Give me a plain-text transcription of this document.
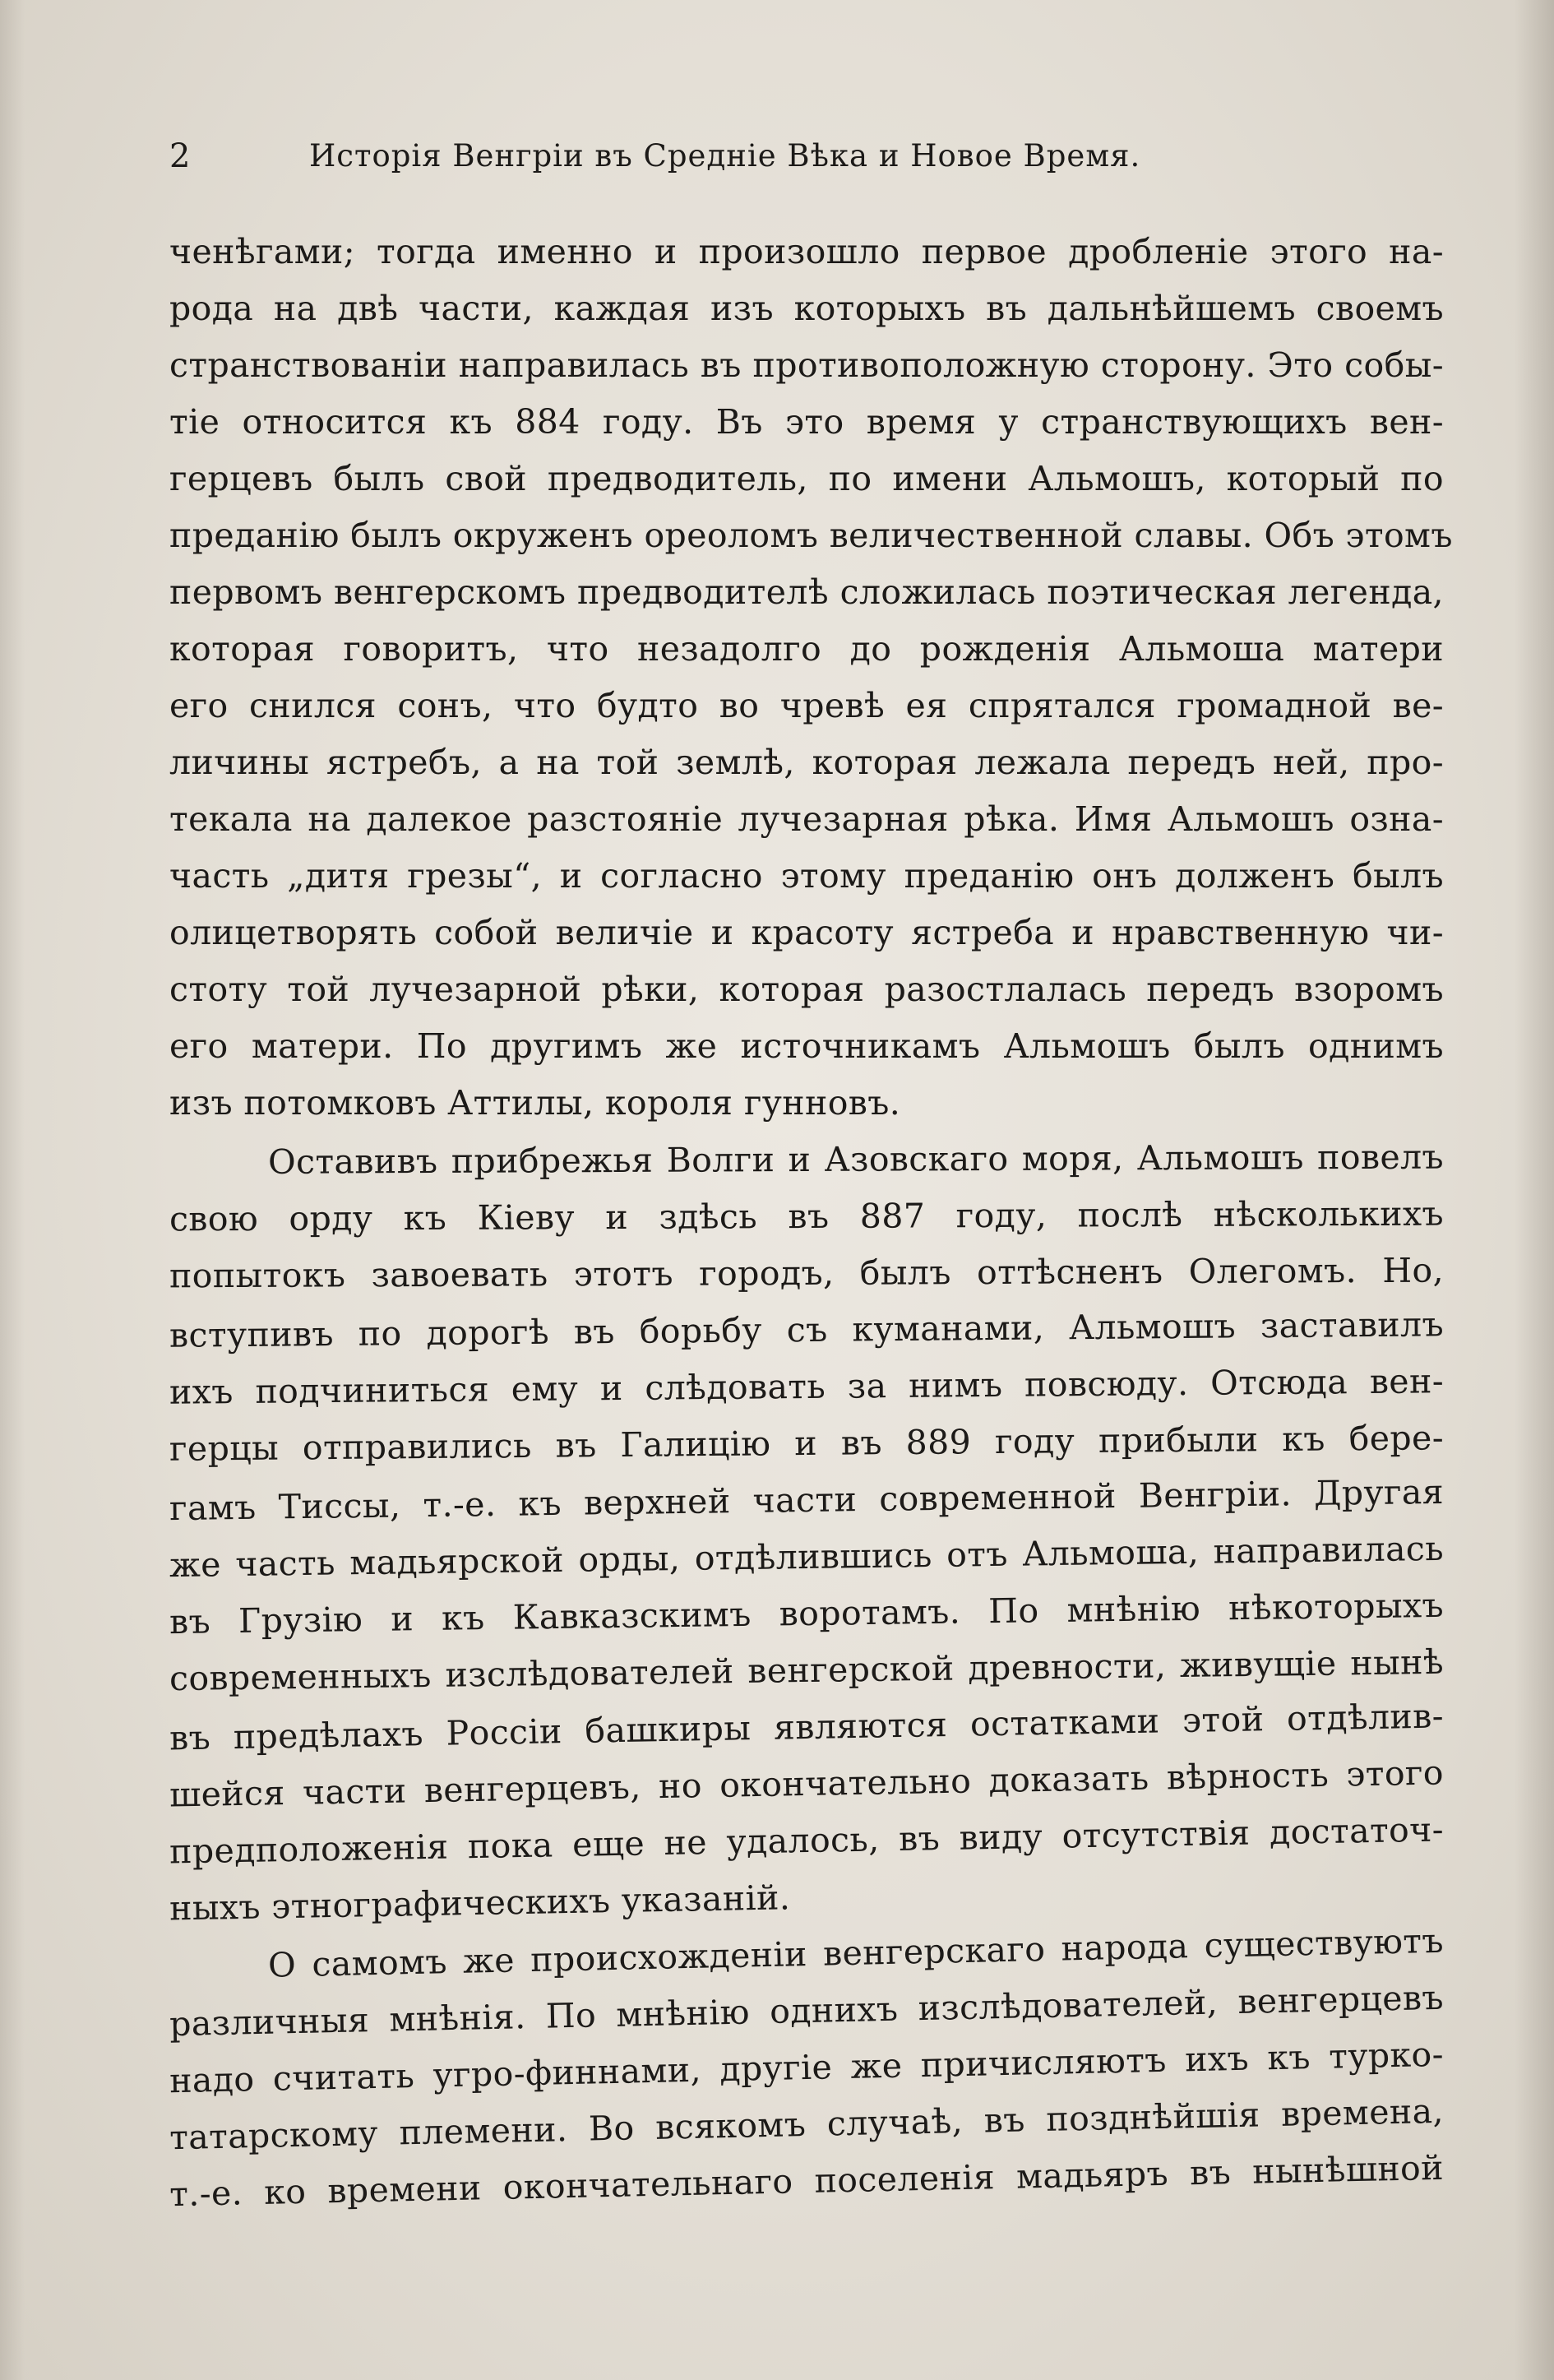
2	Исторія Венгріи въ Средніе Вѣка и Новое Время.
ченѣгами; тогда именно и произошло первое дробленіе этого на-
рода на двѣ части, каждая изъ которыхъ въ дальнѣйшемъ своемъ
странствованіи направилась въ противоположную сторону. Это собы-
тіе относится къ 884 году. Въ это время у странствующихъ вен-
герцевъ былъ свой предводитель, по имени Альмошъ, который по
преданію былъ окруженъ ореоломъ величественной славы. Объ этомъ
первомъ венгерскомъ предводителѣ сложилась поэтическая легенда,
которая говоритъ, что незадолго до рожденія Альмоша матери
его снился сонъ, что будто во чревѣ ея спрятался громадной ве-
личины ястребъ, а на той землѣ, которая лежала передъ ней, про-
текала на далекое разстояніе лучезарная рѣка. Имя Альмошъ озна-
часть „дитя грезы“, и согласно этому преданію онъ долженъ былъ
олицетворять собой величіе и красоту ястреба и нравственную чи-
стоту той лучезарной рѣки, которая разостлалась передъ взоромъ
его матери. По другимъ же источникамъ Альмошъ былъ однимъ
изъ потомковъ Аттилы, короля гунновъ.
Оставивъ прибрежья Волги и Азовскаго моря, Альмошъ повелъ
свою орду къ Кіеву и здѣсь въ 887 году, послѣ нѣсколькихъ
попытокъ завоевать этотъ городъ, былъ оттѣсненъ Олегомъ. Но,
вступивъ по дорогѣ въ борьбу съ куманами, Альмошъ заставилъ
ихъ подчиниться ему и слѣдовать за нимъ повсюду. Отсюда вен-
герцы отправились въ Галицію и въ 889 году прибыли къ бере-
гамъ Тиссы, т.-е. къ верхней части современной Венгріи. Другая
же часть мадьярской орды, отдѣлившись отъ Альмоша, направилась
въ Грузію и къ Кавказскимъ воротамъ. По мнѣнію нѣкоторыхъ
современныхъ изслѣдователей венгерской древности, живущіе нынѣ
въ предѣлахъ Россіи башкиры являются остатками этой отдѣлив-
шейся части венгерцевъ, но окончательно доказать вѣрность этого
предположенія пока еще не удалось, въ виду отсутствія достаточ-
ныхъ этнографическихъ указаній.
О самомъ же происхожденіи венгерскаго народа существуютъ
различныя мнѣнія. По мнѣнію однихъ изслѣдователей, венгерцевъ
надо считать угро-финнами, другіе же причисляютъ ихъ къ турко-
татарскому племени. Во всякомъ случаѣ, въ позднѣйшія времена,
т.-е. ко времени окончательнаго поселенія мадьяръ въ нынѣшной
